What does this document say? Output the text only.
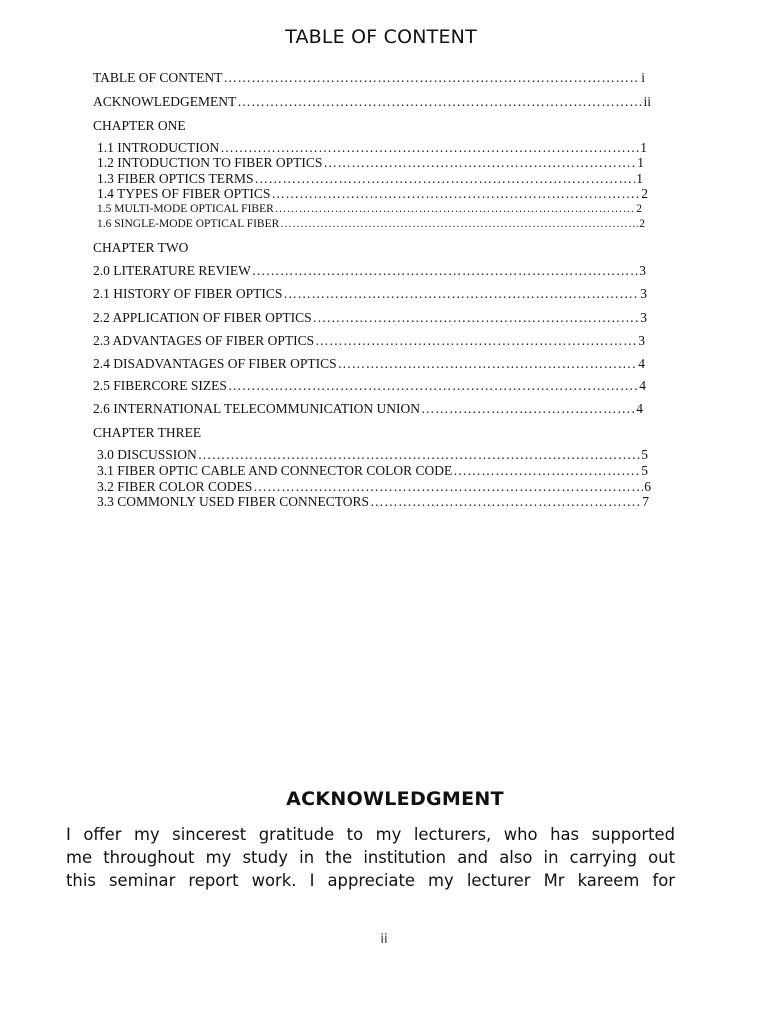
TABLE OF CONTENT
TABLE OF CONTENT …………………………………………………………………………………………………………………………………………………………………………………………………………………………………	i
ACKNOWLEDGEMENT …………………………………………………………………………………………………………………………………………………………………………………………………………………………………	ii
CHAPTER ONE
1.1 INTRODUCTION …………………………………………………………………………………………………………………………………………………………………………………………………………………………………	1
1.2 INTODUCTION TO FIBER OPTICS …………………………………………………………………………………………………………………………………………………………………………………………………………………………………	1
1.3 FIBER OPTICS TERMS …………………………………………………………………………………………………………………………………………………………………………………………………………………………………	1
1.4 TYPES OF FIBER OPTICS …………………………………………………………………………………………………………………………………………………………………………………………………………………………………	2
1.5 MULTI-MODE OPTICAL FIBER …………………………………………………………………………………………………………………………………………………………………………………………………………………………………	2
1.6 SINGLE-MODE OPTICAL FIBER …………………………………………………………………………………………………………………………………………………………………………………………………………………………………	2
CHAPTER TWO
2.0 LITERATURE REVIEW …………………………………………………………………………………………………………………………………………………………………………………………………………………………………	3
2.1 HISTORY OF FIBER OPTICS …………………………………………………………………………………………………………………………………………………………………………………………………………………………………	3
2.2 APPLICATION OF FIBER OPTICS …………………………………………………………………………………………………………………………………………………………………………………………………………………………………	3
2.3 ADVANTAGES OF FIBER OPTICS …………………………………………………………………………………………………………………………………………………………………………………………………………………………………	3
2.4 DISADVANTAGES OF FIBER OPTICS …………………………………………………………………………………………………………………………………………………………………………………………………………………………………	4
2.5 FIBERCORE SIZES …………………………………………………………………………………………………………………………………………………………………………………………………………………………………	4
2.6 INTERNATIONAL TELECOMMUNICATION UNION …………………………………………………………………………………………………………………………………………………………………………………………………………………………………	4
CHAPTER THREE
3.0 DISCUSSION …………………………………………………………………………………………………………………………………………………………………………………………………………………………………	5
3.1 FIBER OPTIC CABLE AND CONNECTOR COLOR CODE …………………………………………………………………………………………………………………………………………………………………………………………………………………………………	5
3.2 FIBER COLOR CODES …………………………………………………………………………………………………………………………………………………………………………………………………………………………………	6
3.3 COMMONLY USED FIBER CONNECTORS …………………………………………………………………………………………………………………………………………………………………………………………………………………………………	7
ACKNOWLEDGMENT
I offer my sincerest gratitude to my lecturers, who has supported
me throughout my study in the institution and also in carrying out
this seminar report work. I appreciate my lecturer Mr kareem for
ii
